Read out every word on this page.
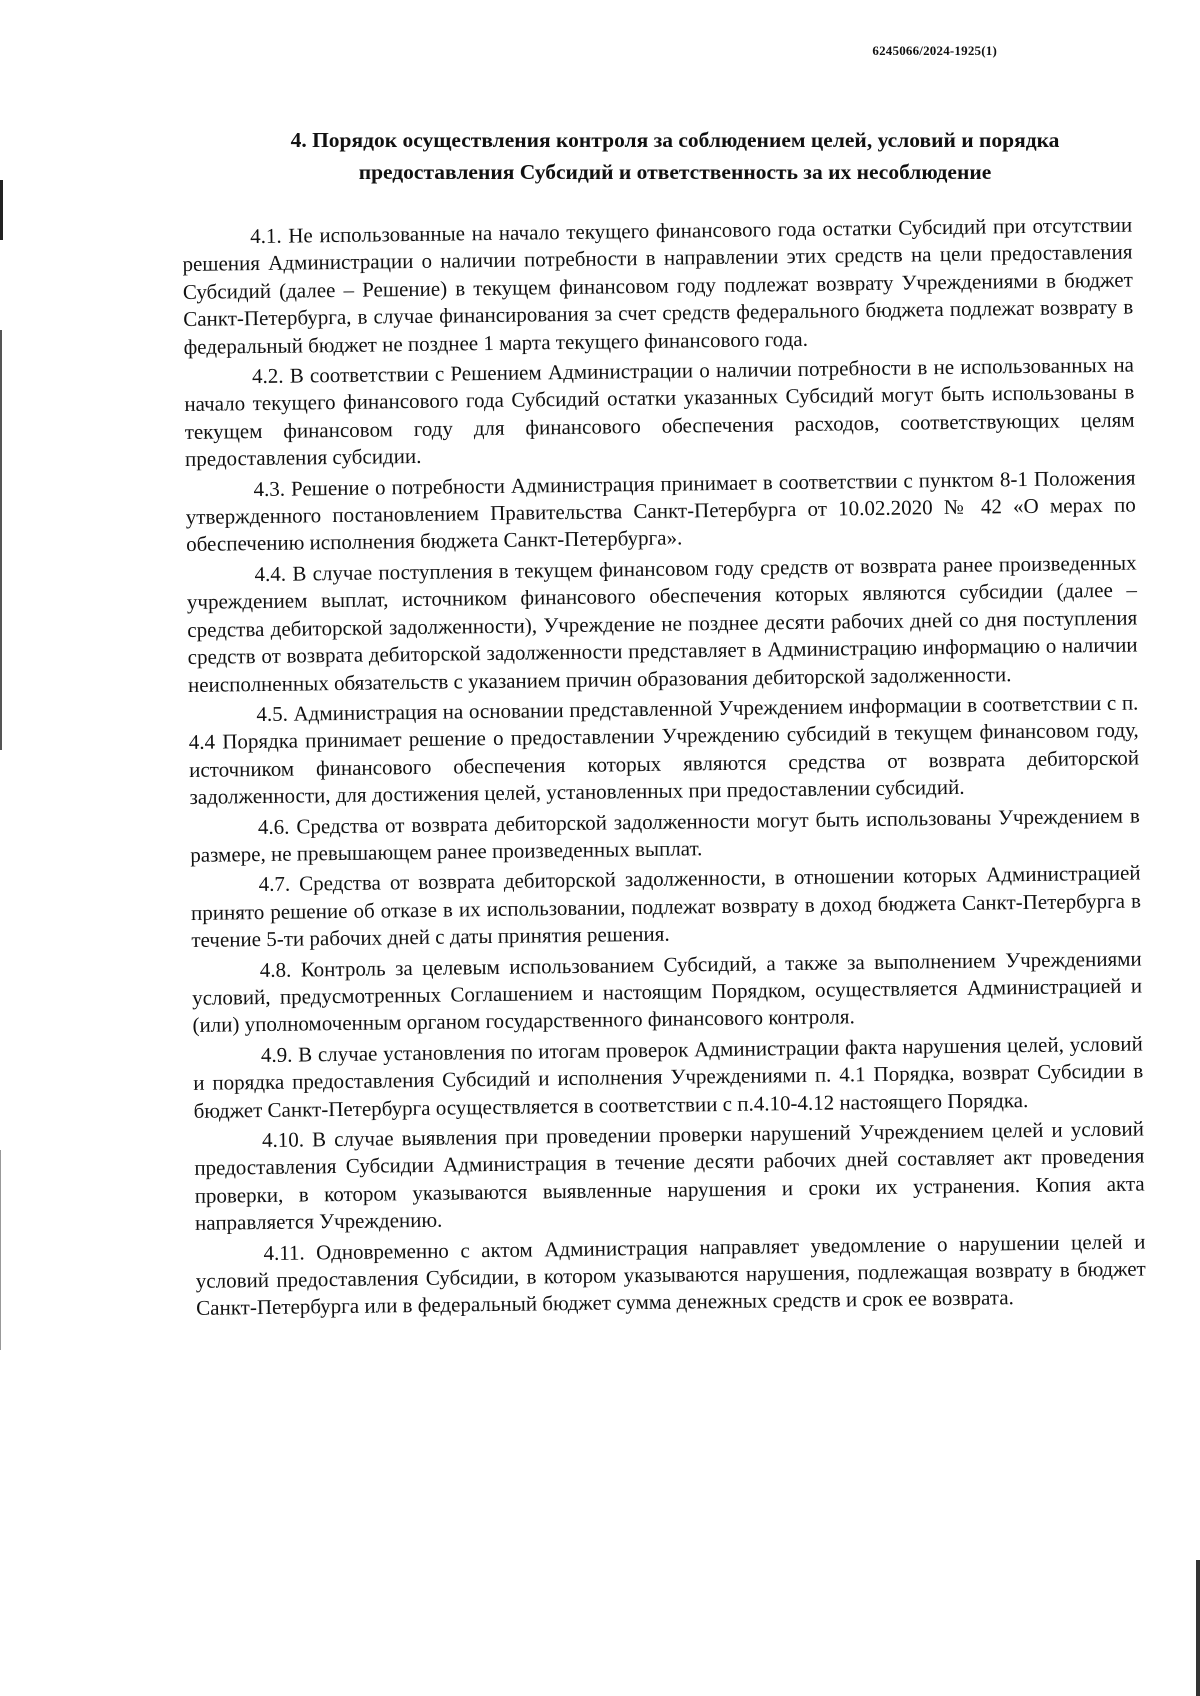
6245066/2024-1925(1)
4. Порядок осуществления контроля за соблюдением целей, условий и порядка
предоставления Субсидий и ответственность за их несоблюдение

4.1. Не использованные на начало текущего финансового года остатки Субсидий при отсутствии решения Администрации о наличии потребности в направлении этих средств на цели предоставления Субсидий (далее – Решение) в текущем финансовом году подлежат возврату Учреждениями в бюджет Санкт-Петербурга, в случае финансирования за счет средств федерального бюджета подлежат возврату в федеральный бюджет не позднее 1 марта текущего финансового года.

4.2. В соответствии с Решением Администрации о наличии потребности в не использованных на начало текущего финансового года Субсидий остатки указанных Субсидий могут быть использованы в текущем финансовом году для финансового обеспечения расходов, соответствующих целям предоставления субсидии.

4.3. Решение о потребности Администрация принимает в соответствии с пунктом 8-1 Положения утвержденного постановлением Правительства Санкт-Петербурга от 10.02.2020 № 42 «О мерах по обеспечению исполнения бюджета Санкт-Петербурга».

4.4. В случае поступления в текущем финансовом году средств от возврата ранее произведенных учреждением выплат, источником финансового обеспечения которых являются субсидии (далее – средства дебиторской задолженности), Учреждение не позднее десяти рабочих дней со дня поступления средств от возврата дебиторской задолженности представляет в Администрацию информацию о наличии неисполненных обязательств с указанием причин образования дебиторской задолженности.

4.5. Администрация на основании представленной Учреждением информации в соответствии с п. 4.4 Порядка принимает решение о предоставлении Учреждению субсидий в текущем финансовом году, источником финансового обеспечения которых являются средства от возврата дебиторской задолженности, для достижения целей, установленных при предоставлении субсидий.

4.6. Средства от возврата дебиторской задолженности могут быть использованы Учреждением в размере, не превышающем ранее произведенных выплат.

4.7. Средства от возврата дебиторской задолженности, в отношении которых Администрацией принято решение об отказе в их использовании, подлежат возврату в доход бюджета Санкт-Петербурга в течение 5-ти рабочих дней с даты принятия решения.

4.8. Контроль за целевым использованием Субсидий, а также за выполнением Учреждениями условий, предусмотренных Соглашением и настоящим Порядком, осуществляется Администрацией и (или) уполномоченным органом государственного финансового контроля.

4.9. В случае установления по итогам проверок Администрации факта нарушения целей, условий и порядка предоставления Субсидий и исполнения Учреждениями п. 4.1 Порядка, возврат Субсидии в бюджет Санкт-Петербурга осуществляется в соответствии с п.4.10-4.12 настоящего Порядка.

4.10. В случае выявления при проведении проверки нарушений Учреждением целей и условий предоставления Субсидии Администрация в течение десяти рабочих дней составляет акт проведения проверки, в котором указываются выявленные нарушения и сроки их устранения. Копия акта направляется Учреждению.

4.11. Одновременно с актом Администрация направляет уведомление о нарушении целей и условий предоставления Субсидии, в котором указываются нарушения, подлежащая возврату в бюджет Санкт-Петербурга или в федеральный бюджет сумма денежных средств и срок ее возврата.
